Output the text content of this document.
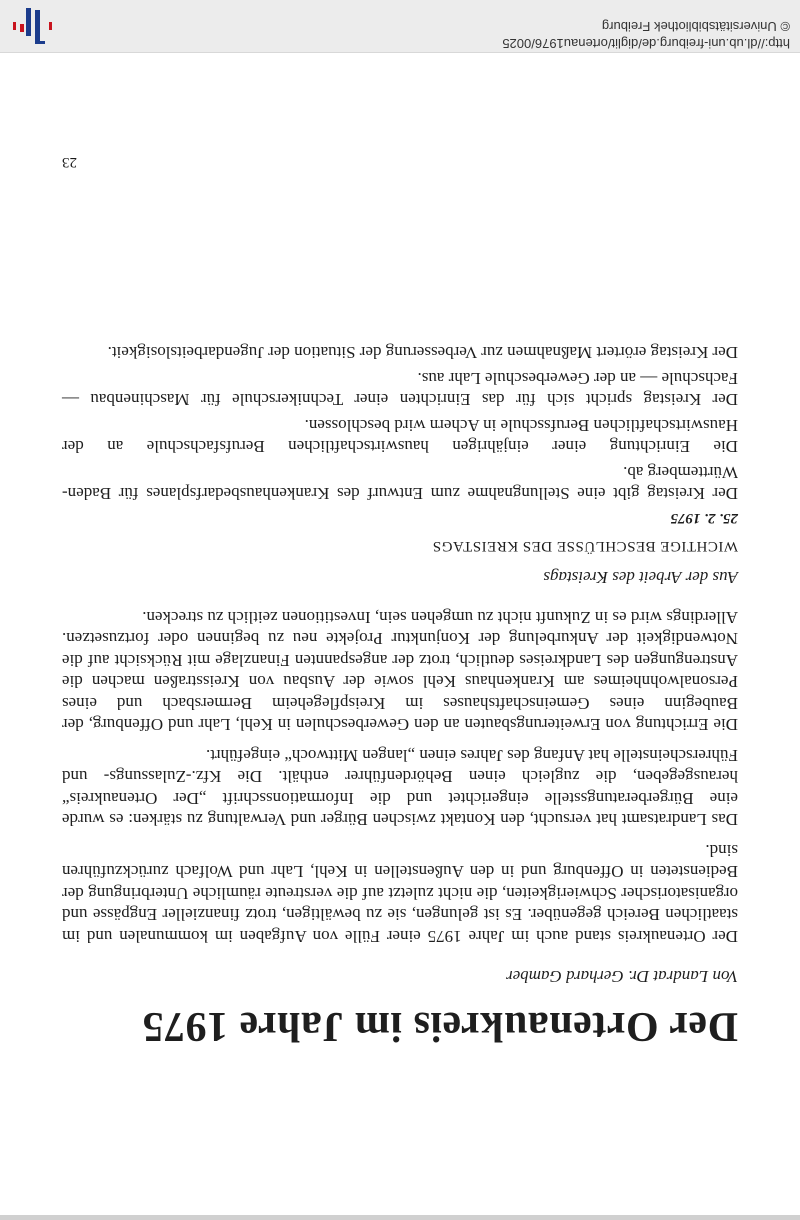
Der Ortenaukreis im Jahre 1975
Von Landrat Dr. Gerhard Gamber

Der Ortenaukreis stand auch im Jahre 1975 einer Fülle von Aufgaben im kommunalen und im staatlichen Bereich gegenüber. Es ist gelungen, sie zu bewältigen, trotz finanzieller Engpässe und organisatorischer Schwierigkeiten, die nicht zuletzt auf die verstreute räumliche Unterbringung der Bediensteten in Offenburg und in den Außenstellen in Kehl, Lahr und Wolfach zurückzuführen sind.

Das Landratsamt hat versucht, den Kontakt zwischen Bürger und Verwaltung zu stärken: es wurde eine Bürgerberatungsstelle eingerichtet und die Informationsschrift „Der Ortenaukreis“ herausgegeben, die zugleich einen Behördenführer enthält. Die Kfz.-Zulassungs- und Führerscheinstelle hat Anfang des Jahres einen „langen Mittwoch“ eingeführt.

Die Errichtung von Erweiterungsbauten an den Gewerbeschulen in Kehl, Lahr und Offenburg, der Baubeginn eines Gemeinschaftshauses im Kreispflegeheim Bermersbach und eines Personalwohnheimes am Krankenhaus Kehl sowie der Ausbau von Kreisstraßen machen die Anstrengungen des Landkreises deutlich, trotz der angespannten Finanzlage mit Rücksicht auf die Notwendigkeit der Ankurbelung der Konjunktur Projekte neu zu beginnen oder fortzusetzen. Allerdings wird es in Zukunft nicht zu umgehen sein, Investitionen zeitlich zu strecken.

Aus der Arbeit des Kreistags
WICHTIGE BESCHLÜSSE DES KREISTAGS
25. 2. 1975

Der Kreistag gibt eine Stellungnahme zum Entwurf des Krankenhausbedarfsplanes für Baden-Württemberg ab.

Die Einrichtung einer einjährigen hauswirtschaftlichen Berufsfachschule an der Hauswirtschaftlichen Berufsschule in Achern wird beschlossen.

Der Kreistag spricht sich für das Einrichten einer Technikerschule für Maschinenbau — Fachschule — an der Gewerbeschule Lahr aus.

Der Kreistag erörtert Maßnahmen zur Verbesserung der Situation der Jugendarbeitslosigkeit.

23
http://dl.ub.uni-freiburg.de/diglit/ortenau1976/0025
© Universitätsbibliothek Freiburg
